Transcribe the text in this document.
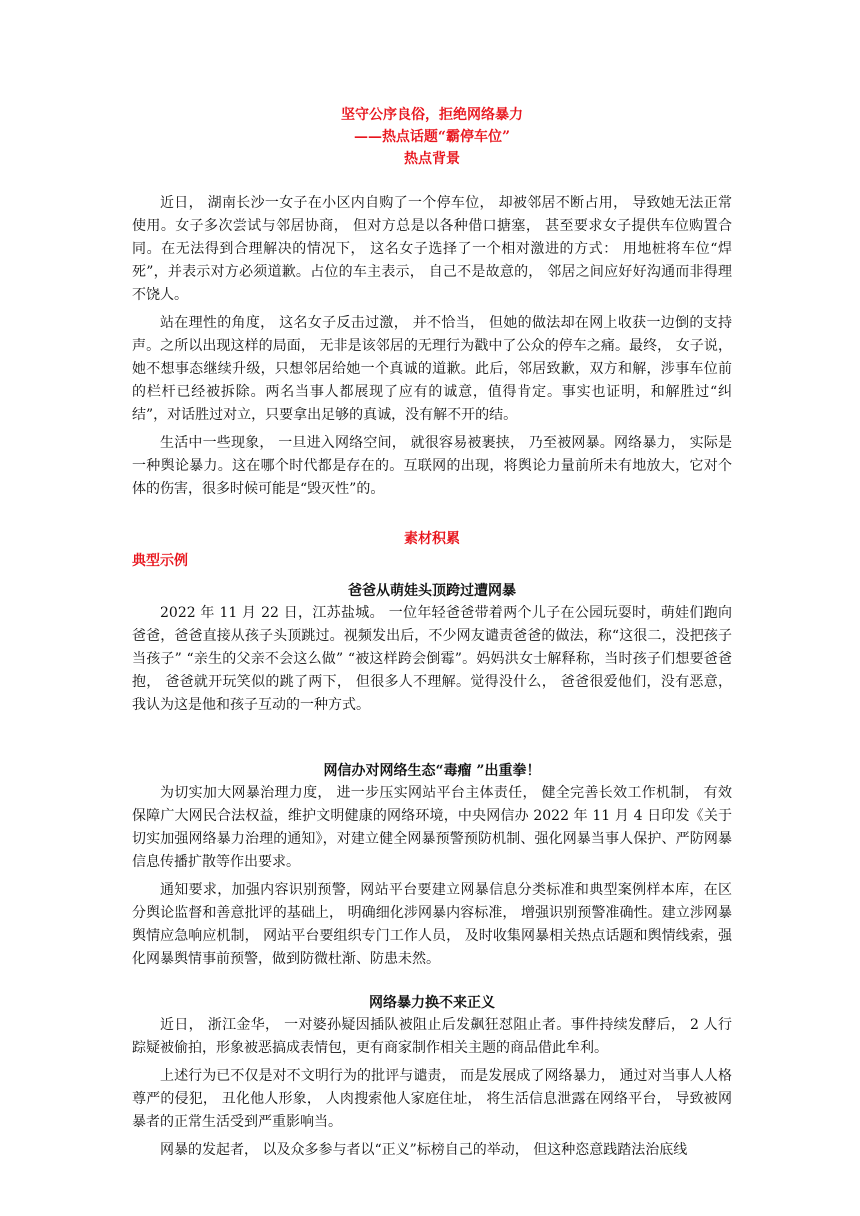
坚守公序良俗，拒绝网络暴力
——热点话题“霸停车位”
热点背景

近日， 湖南长沙一女子在小区内自购了一个停车位， 却被邻居不断占用， 导致她无法正常使用。女子多次尝试与邻居协商， 但对方总是以各种借口搪塞， 甚至要求女子提供车位购置合同。在无法得到合理解决的情况下， 这名女子选择了一个相对激进的方式： 用地桩将车位“焊死”，并表示对方必须道歉。占位的车主表示， 自己不是故意的， 邻居之间应好好沟通而非得理不饶人。

站在理性的角度， 这名女子反击过激， 并不恰当， 但她的做法却在网上收获一边倒的支持声。之所以出现这样的局面， 无非是该邻居的无理行为戳中了公众的停车之痛。最终， 女子说，她不想事态继续升级，只想邻居给她一个真诚的道歉。此后，邻居致歉，双方和解，涉事车位前的栏杆已经被拆除。两名当事人都展现了应有的诚意，值得肯定。事实也证明，和解胜过“纠结”，对话胜过对立，只要拿出足够的真诚，没有解不开的结。

生活中一些现象， 一旦进入网络空间， 就很容易被裹挟， 乃至被网暴。网络暴力， 实际是一种舆论暴力。这在哪个时代都是存在的。互联网的出现，将舆论力量前所未有地放大，它对个体的伤害，很多时候可能是“毁灭性”的。

素材积累
典型示例
爸爸从萌娃头顶跨过遭网暴

2022 年 11 月 22 日，江苏盐城。 一位年轻爸爸带着两个儿子在公园玩耍时，萌娃们跑向爸爸，爸爸直接从孩子头顶跳过。视频发出后，不少网友谴责爸爸的做法，称“这很二，没把孩子当孩子” “亲生的父亲不会这么做” “被这样跨会倒霉”。妈妈洪女士解释称，当时孩子们想要爸爸抱， 爸爸就开玩笑似的跳了两下， 但很多人不理解。觉得没什么， 爸爸很爱他们，没有恶意，我认为这是他和孩子互动的一种方式。

网信办对网络生态“毒瘤 ”出重拳！

为切实加大网暴治理力度， 进一步压实网站平台主体责任， 健全完善长效工作机制， 有效保障广大网民合法权益，维护文明健康的网络环境，中央网信办 2022 年 11 月 4 日印发《关于切实加强网络暴力治理的通知》，对建立健全网暴预警预防机制、强化网暴当事人保护、严防网暴信息传播扩散等作出要求。

通知要求，加强内容识别预警，网站平台要建立网暴信息分类标准和典型案例样本库，在区分舆论监督和善意批评的基础上， 明确细化涉网暴内容标准， 增强识别预警准确性。建立涉网暴舆情应急响应机制， 网站平台要组织专门工作人员， 及时收集网暴相关热点话题和舆情线索，强化网暴舆情事前预警，做到防微杜渐、防患未然。

网络暴力换不来正义

近日， 浙江金华， 一对婆孙疑因插队被阻止后发飙狂怼阻止者。事件持续发酵后， 2 人行踪疑被偷拍，形象被恶搞成表情包，更有商家制作相关主题的商品借此牟利。

上述行为已不仅是对不文明行为的批评与谴责， 而是发展成了网络暴力， 通过对当事人人格尊严的侵犯， 丑化他人形象， 人肉搜索他人家庭住址， 将生活信息泄露在网络平台， 导致被网暴者的正常生活受到严重影响当。

网暴的发起者， 以及众多参与者以“正义”标榜自己的举动， 但这种恣意践踏法治底线
